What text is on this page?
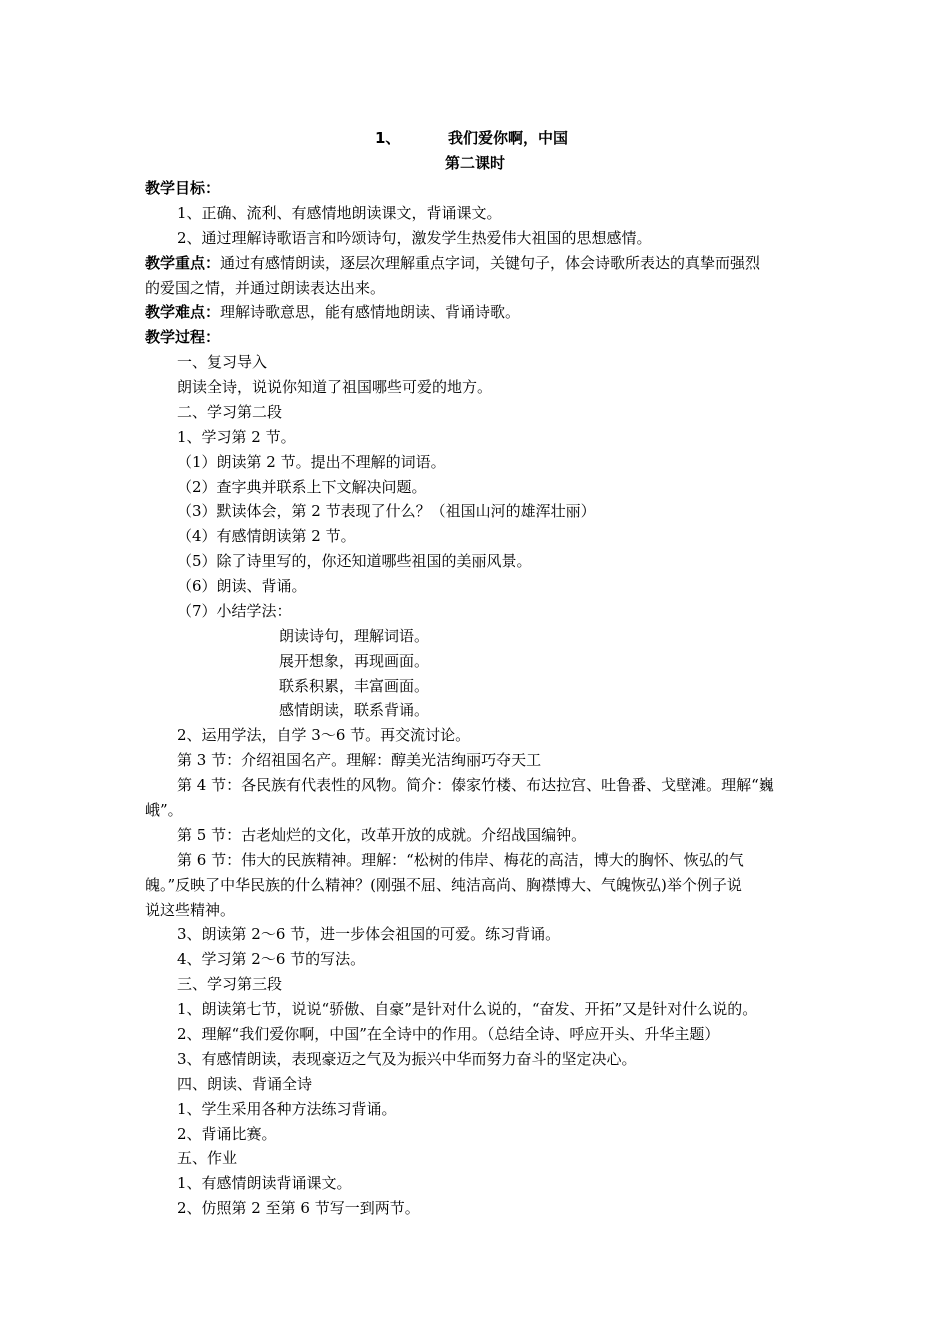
1、	我们爱你啊，中国
第二课时
教学目标：
1、正确、流利、有感情地朗读课文，背诵课文。
2、通过理解诗歌语言和吟颂诗句，激发学生热爱伟大祖国的思想感情。
教学重点：通过有感情朗读，逐层次理解重点字词，关键句子，体会诗歌所表达的真挚而强烈
的爱国之情，并通过朗读表达出来。
教学难点：理解诗歌意思，能有感情地朗读、背诵诗歌。
教学过程：
一、复习导入
朗读全诗，说说你知道了祖国哪些可爱的地方。
二、学习第二段
1、学习第 2 节。
（1）朗读第 2 节。提出不理解的词语。
（2）查字典并联系上下文解决问题。
（3）默读体会，第 2 节表现了什么？（祖国山河的雄浑壮丽）
（4）有感情朗读第 2 节。
（5）除了诗里写的，你还知道哪些祖国的美丽风景。
（6）朗读、背诵。
（7）小结学法：
朗读诗句，理解词语。
展开想象，再现画面。
联系积累，丰富画面。
感情朗读，联系背诵。
2、运用学法，自学 3～6 节。再交流讨论。
第 3 节：介绍祖国名产。理解：醇美光洁绚丽巧夺天工
第 4 节：各民族有代表性的风物。简介：傣家竹楼、布达拉宫、吐鲁番、戈壁滩。理解“巍
峨”。
第 5 节：古老灿烂的文化，改革开放的成就。介绍战国编钟。
第 6 节：伟大的民族精神。理解：“松树的伟岸、梅花的高洁，博大的胸怀、恢弘的气
魄。”反映了中华民族的什么精神？(刚强不屈、纯洁高尚、胸襟博大、气魄恢弘)举个例子说
说这些精神。
3、朗读第 2～6 节，进一步体会祖国的可爱。练习背诵。
4、学习第 2～6 节的写法。
三、学习第三段
1、朗读第七节，说说“骄傲、自豪”是针对什么说的，“奋发、开拓”又是针对什么说的。
2、理解“我们爱你啊，中国”在全诗中的作用。（总结全诗、呼应开头、升华主题）
3、有感情朗读，表现豪迈之气及为振兴中华而努力奋斗的坚定决心。
四、朗读、背诵全诗
1、学生采用各种方法练习背诵。
2、背诵比赛。
五、作业
1、有感情朗读背诵课文。
2、仿照第 2 至第 6 节写一到两节。
